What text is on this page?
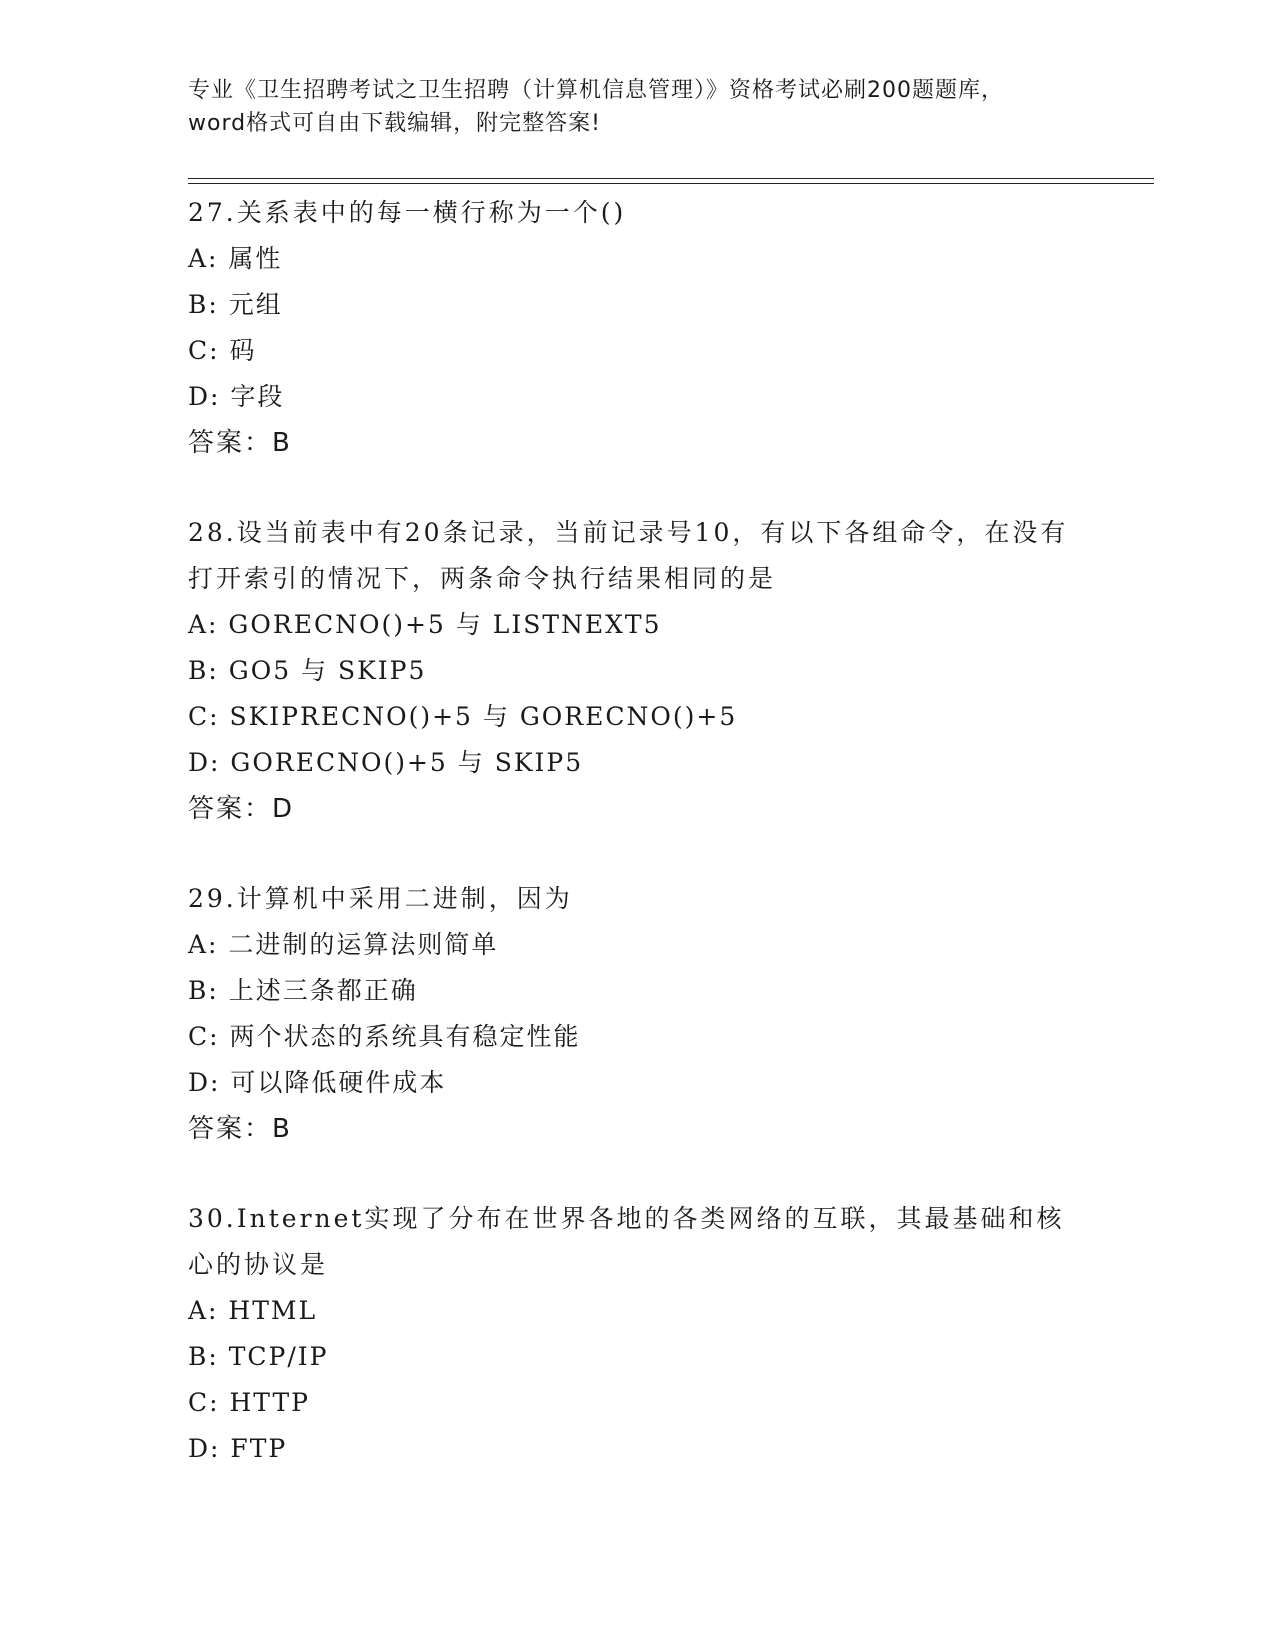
专业《卫生招聘考试之卫生招聘（计算机信息管理）》资格考试必刷200题题库，
word格式可自由下载编辑，附完整答案!

27.关系表中的每一横行称为一个()

A: 属性

B: 元组

C: 码

D: 字段

答案：B

28.设当前表中有20条记录，当前记录号10，有以下各组命令，在没有打开索引的情况下，两条命令执行结果相同的是

A: GORECNO()+5 与 LISTNEXT5

B: GO5 与 SKIP5

C: SKIPRECNO()+5 与 GORECNO()+5

D: GORECNO()+5 与 SKIP5

答案：D

29.计算机中采用二进制，因为

A: 二进制的运算法则简单

B: 上述三条都正确

C: 两个状态的系统具有稳定性能

D: 可以降低硬件成本

答案：B

30.Internet实现了分布在世界各地的各类网络的互联，其最基础和核心的协议是

A: HTML

B: TCP/IP

C: HTTP

D: FTP
